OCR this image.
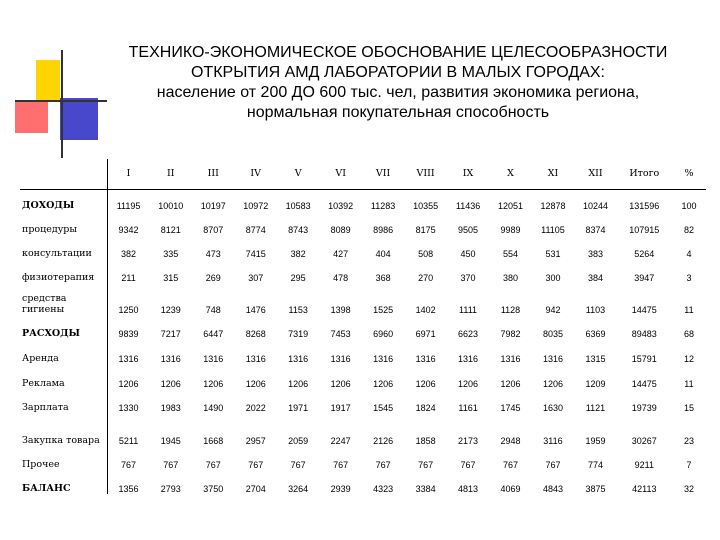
ТЕХНИКО-ЭКОНОМИЧЕСКОЕ ОБОСНОВАНИЕ ЦЕЛЕСООБРАЗНОСТИ
ОТКРЫТИЯ АМД ЛАБОРАТОРИИ В МАЛЫХ ГОРОДАХ:
население от 200 ДО 600 тыс. чел, развития экономика региона,
нормальная покупательная способность
	I	II	III	IV	V	VI	VII	VIII	IX	X	XI	XII	Итого	%
ДОХОДЫ	11195	10010	10197	10972	10583	10392	11283	10355	11436	12051	12878	10244	131596	100
процедуры	9342	8121	8707	8774	8743	8089	8986	8175	9505	9989	11105	8374	107915	82
консультации	382	335	473	7415	382	427	404	508	450	554	531	383	5264	4
физиотерапия	211	315	269	307	295	478	368	270	370	380	300	384	3947	3
средства гигиены	1250	1239	748	1476	1153	1398	1525	1402	1111	1128	942	1103	14475	11
РАСХОДЫ	9839	7217	6447	8268	7319	7453	6960	6971	6623	7982	8035	6369	89483	68
Аренда	1316	1316	1316	1316	1316	1316	1316	1316	1316	1316	1316	1315	15791	12
Реклама	1206	1206	1206	1206	1206	1206	1206	1206	1206	1206	1206	1209	14475	11
Зарплата	1330	1983	1490	2022	1971	1917	1545	1824	1161	1745	1630	1121	19739	15
Закупка товара	5211	1945	1668	2957	2059	2247	2126	1858	2173	2948	3116	1959	30267	23
Прочее	767	767	767	767	767	767	767	767	767	767	767	774	9211	7
БАЛАНС	1356	2793	3750	2704	3264	2939	4323	3384	4813	4069	4843	3875	42113	32
